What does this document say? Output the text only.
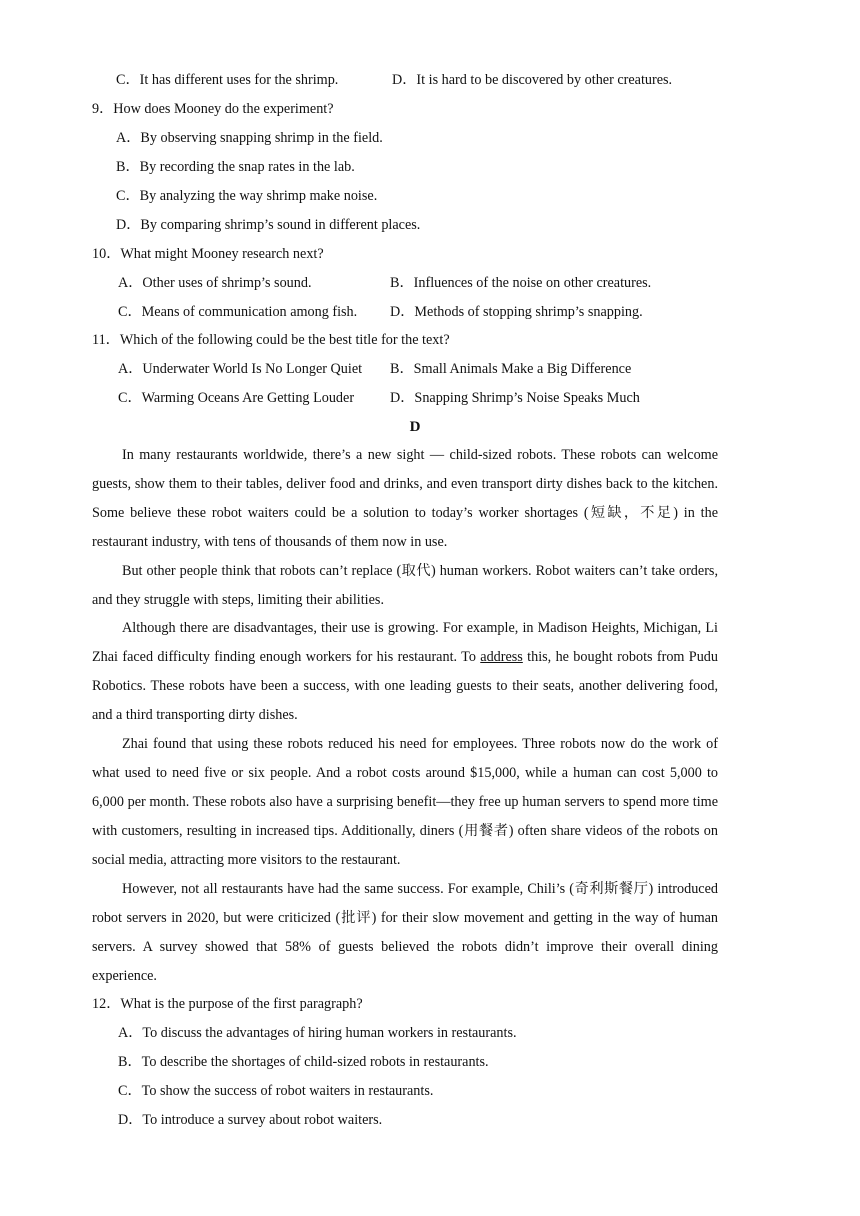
C．It has different uses for the shrimp.	D．It is hard to be discovered by other creatures.
9．How does Mooney do the experiment?
A．By observing snapping shrimp in the field.
B．By recording the snap rates in the lab.
C．By analyzing the way shrimp make noise.
D．By comparing shrimp’s sound in different places.
10．What might Mooney research next?
A．Other uses of shrimp’s sound.	B．Influences of the noise on other creatures.
C．Means of communication among fish. D．Methods of stopping shrimp’s snapping.
11．Which of the following could be the best title for the text?
A．Underwater World Is No Longer Quiet B．Small Animals Make a Big Difference
C．Warming Oceans Are Getting Louder	D．Snapping Shrimp’s Noise Speaks Much
D

In many restaurants worldwide, there’s a new sight — child-sized robots. These robots can welcome guests, show them to their tables, deliver food and drinks, and even transport dirty dishes back to the kitchen. Some believe these robot waiters could be a solution to today’s worker shortages (短缺，不足) in the restaurant industry, with tens of thousands of them now in use.

But other people think that robots can’t replace (取代) human workers. Robot waiters can’t take orders, and they struggle with steps, limiting their abilities.

Although there are disadvantages, their use is growing. For example, in Madison Heights, Michigan, Li Zhai faced difficulty finding enough workers for his restaurant. To address this, he bought robots from Pudu Robotics. These robots have been a success, with one leading guests to their seats, another delivering food, and a third transporting dirty dishes.

Zhai found that using these robots reduced his need for employees. Three robots now do the work of what used to need five or six people. And a robot costs around $15,000, while a human can cost 5,000 to 6,000 per month. These robots also have a surprising benefit—they free up human servers to spend more time with customers, resulting in increased tips. Additionally, diners (用餐者) often share videos of the robots on social media, attracting more visitors to the restaurant.

However, not all restaurants have had the same success. For example, Chili’s (奇利斯餐厅) introduced robot servers in 2020, but were criticized (批评) for their slow movement and getting in the way of human servers. A survey showed that 58% of guests believed the robots didn’t improve their overall dining experience.

12．What is the purpose of the first paragraph?
A．To discuss the advantages of hiring human workers in restaurants.
B．To describe the shortages of child-sized robots in restaurants.
C．To show the success of robot waiters in restaurants.
D．To introduce a survey about robot waiters.
